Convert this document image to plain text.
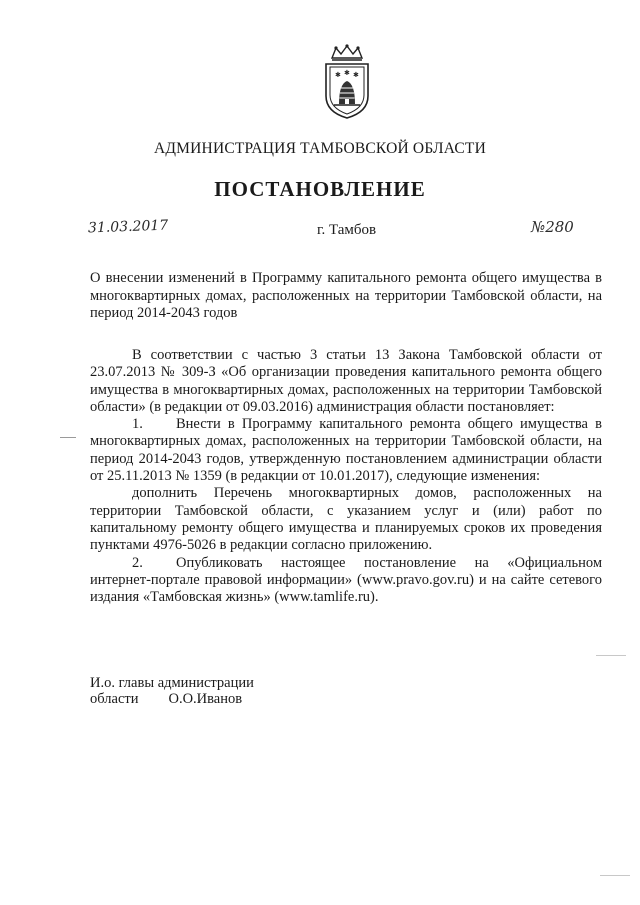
✱ ✱ ✱
АДМИНИСТРАЦИЯ ТАМБОВСКОЙ ОБЛАСТИ
ПОСТАНОВЛЕНИЕ
31.03.2017	г. Тамбов	№280
О внесении изменений в Программу капитального ремонта общего имущества в многоквартирных домах, расположенных на территории Тамбовской области, на период 2014-2043 годов

В соответствии с частью 3 статьи 13 Закона Тамбовской области от 23.07.2013 № 309-З «Об организации проведения капитального ремонта общего имущества в многоквартирных домах, расположенных на территории Тамбовской области» (в редакции от 09.03.2016) администрация области постановляет:

1. Внести в Программу капитального ремонта общего имущества в многоквартирных домах, расположенных на территории Тамбовской области, на период 2014-2043 годов, утвержденную постановлением администрации области от 25.11.2013 № 1359 (в редакции от 10.01.2017), следующие изменения:

дополнить Перечень многоквартирных домов, расположенных на территории Тамбовской области, с указанием услуг и (или) работ по капитальному ремонту общего имущества и планируемых сроков их проведения пунктами 4976-5026 в редакции согласно приложению.

2. Опубликовать настоящее постановление на «Официальном интернет-портале правовой информации» (www.pravo.gov.ru) и на сайте сетевого издания «Тамбовская жизнь» (www.tamlife.ru).

И.о. главы администрации
области О.О.Иванов
